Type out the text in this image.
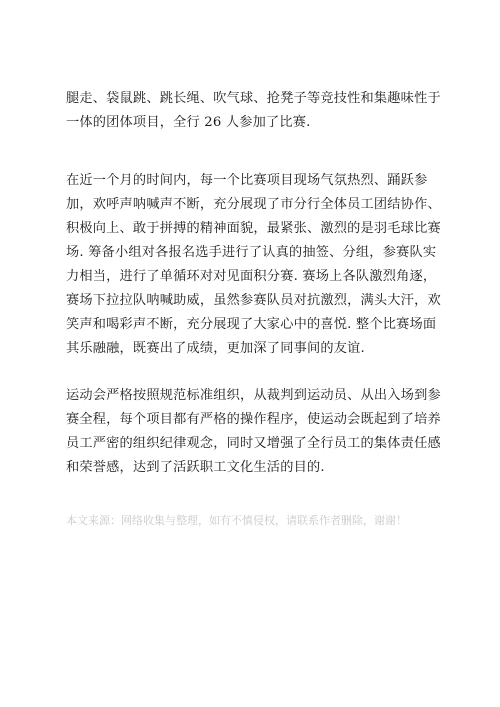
腿走、袋鼠跳、跳长绳、吹气球、抢凳子等竞技性和集趣味性于
一体的团体项目，全行 26 人参加了比赛.
在近一个月的时间内，每一个比赛项目现场气氛热烈、踊跃参
加，欢呼声呐喊声不断，充分展现了市分行全体员工团结协作、
积极向上、敢于拼搏的精神面貌，最紧张、激烈的是羽毛球比赛
场. 筹备小组对各报名选手进行了认真的抽签、分组，参赛队实
力相当，进行了单循环对对见面积分赛. 赛场上各队激烈角逐，
赛场下拉拉队呐喊助威，虽然参赛队员对抗激烈，满头大汗，欢
笑声和喝彩声不断，充分展现了大家心中的喜悦. 整个比赛场面
其乐融融，既赛出了成绩，更加深了同事间的友谊.
运动会严格按照规范标准组织，从裁判到运动员、从出入场到参
赛全程，每个项目都有严格的操作程序，使运动会既起到了培养
员工严密的组织纪律观念，同时又增强了全行员工的集体责任感
和荣誉感，达到了活跃职工文化生活的目的.
本文来源：网络收集与整理，如有不慎侵权，请联系作者删除，谢谢！
